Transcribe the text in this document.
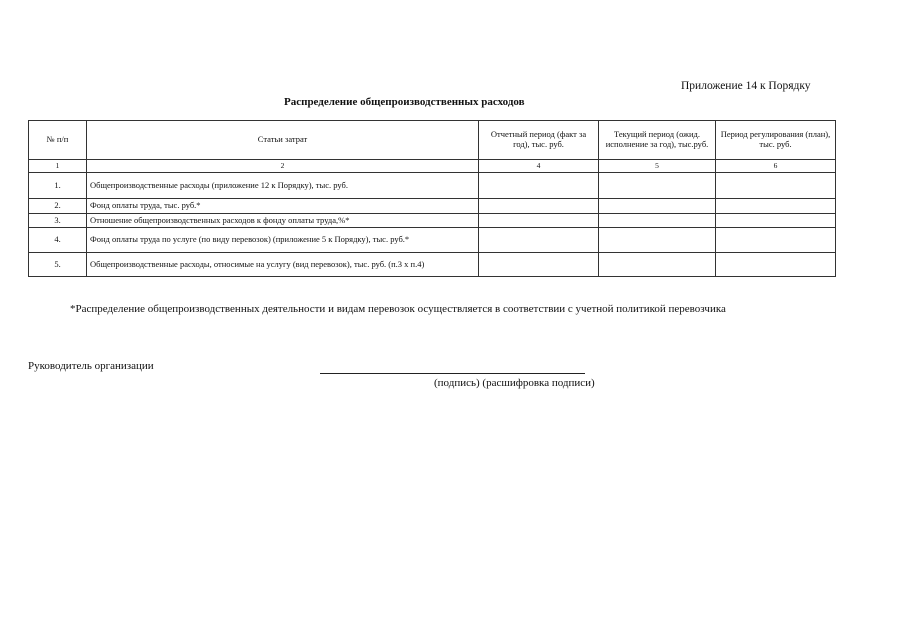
Приложение 14 к Порядку
Распределение общепроизводственных расходов
№ п/п	Статьи затрат	Отчетный период (факт за год), тыс. руб.	Текущий период (ожид. исполнение за год), тыс.руб.	Период регулирования (план), тыс. руб.
1	2	4	5	6
1.	Общепроизводственные расходы (приложение 12 к Порядку), тыс. руб.			
2.	Фонд оплаты труда, тыс. руб.*			
3.	Отношение общепроизводственных расходов к фонду оплаты труда,%*			
4.	Фонд оплаты труда по услуге (по виду перевозок) (приложение 5 к Порядку), тыс. руб.*			
5.	Общепроизводственные расходы, относимые на услугу (вид перевозок), тыс. руб. (п.3 х п.4)			
*Распределение общепроизводственных деятельности и видам перевозок осуществляется в соответствии с учетной политикой перевозчика
Руководитель организации
(подпись) (расшифровка подписи)
